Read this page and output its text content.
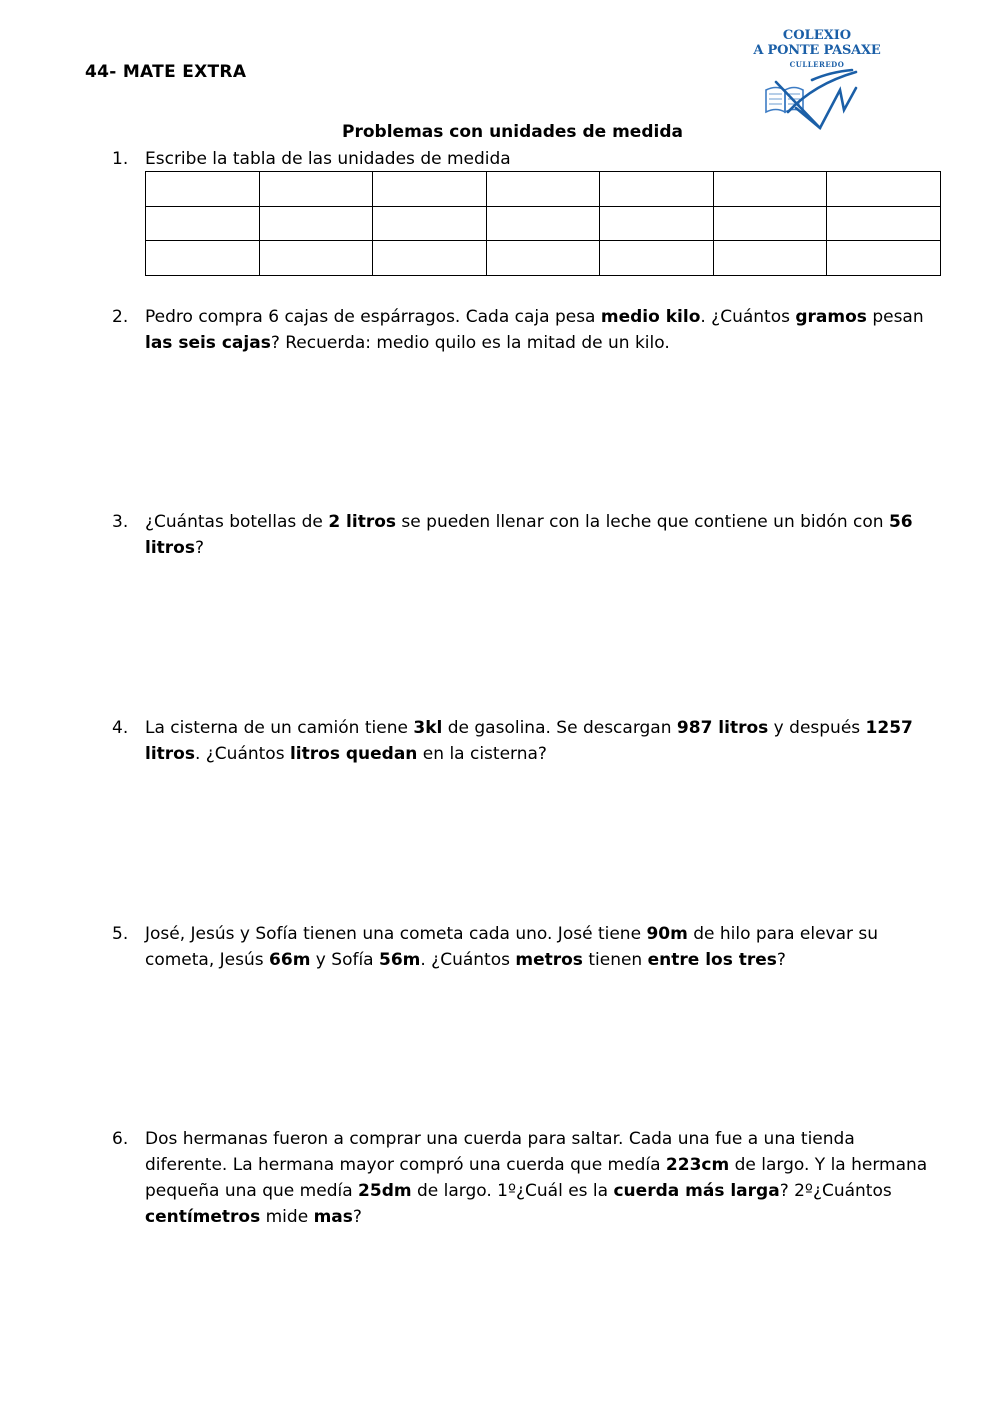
44- MATE EXTRA
COLEXIO
A PONTE PASAXE
CULLEREDO
Problemas con unidades de medida
1. Escribe la tabla de las unidades de medida

2. Pedro compra 6 cajas de espárragos. Cada caja pesa medio kilo. ¿Cuántos gramos pesan las seis cajas? Recuerda: medio quilo es la mitad de un kilo.
3. ¿Cuántas botellas de 2 litros se pueden llenar con la leche que contiene un bidón con 56 litros?
4. La cisterna de un camión tiene 3kl de gasolina. Se descargan 987 litros y después 1257 litros. ¿Cuántos litros quedan en la cisterna?
5. José, Jesús y Sofía tienen una cometa cada uno. José tiene 90m de hilo para elevar su cometa, Jesús 66m y Sofía 56m. ¿Cuántos metros tienen entre los tres?
6. Dos hermanas fueron a comprar una cuerda para saltar. Cada una fue a una tienda diferente. La hermana mayor compró una cuerda que medía 223cm de largo. Y la hermana pequeña una que medía 25dm de largo. 1º¿Cuál es la cuerda más larga? 2º¿Cuántos centímetros mide mas?
